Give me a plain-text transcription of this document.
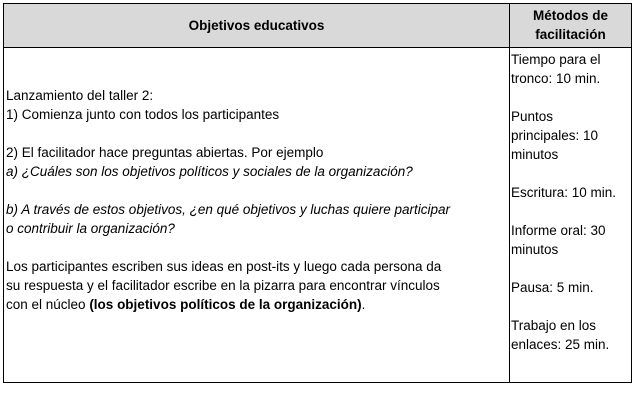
Objetivos educativos
Métodos de
facilitación
Lanzamiento del taller 2:
1) Comienza junto con todos los participantes
2) El facilitador hace preguntas abiertas. Por ejemplo
a) ¿Cuáles son los objetivos políticos y sociales de la organización?
b) A través de estos objetivos, ¿en qué objetivos y luchas quiere participar
o contribuir la organización?
Los participantes escriben sus ideas en post-its y luego cada persona da
su respuesta y el facilitador escribe en la pizarra para encontrar vínculos
con el núcleo (los objetivos políticos de la organización).
Tiempo para el
tronco: 10 min.
Puntos
principales: 10
minutos
Escritura: 10 min.
Informe oral: 30
minutos
Pausa: 5 min.
Trabajo en los
enlaces: 25 min.
